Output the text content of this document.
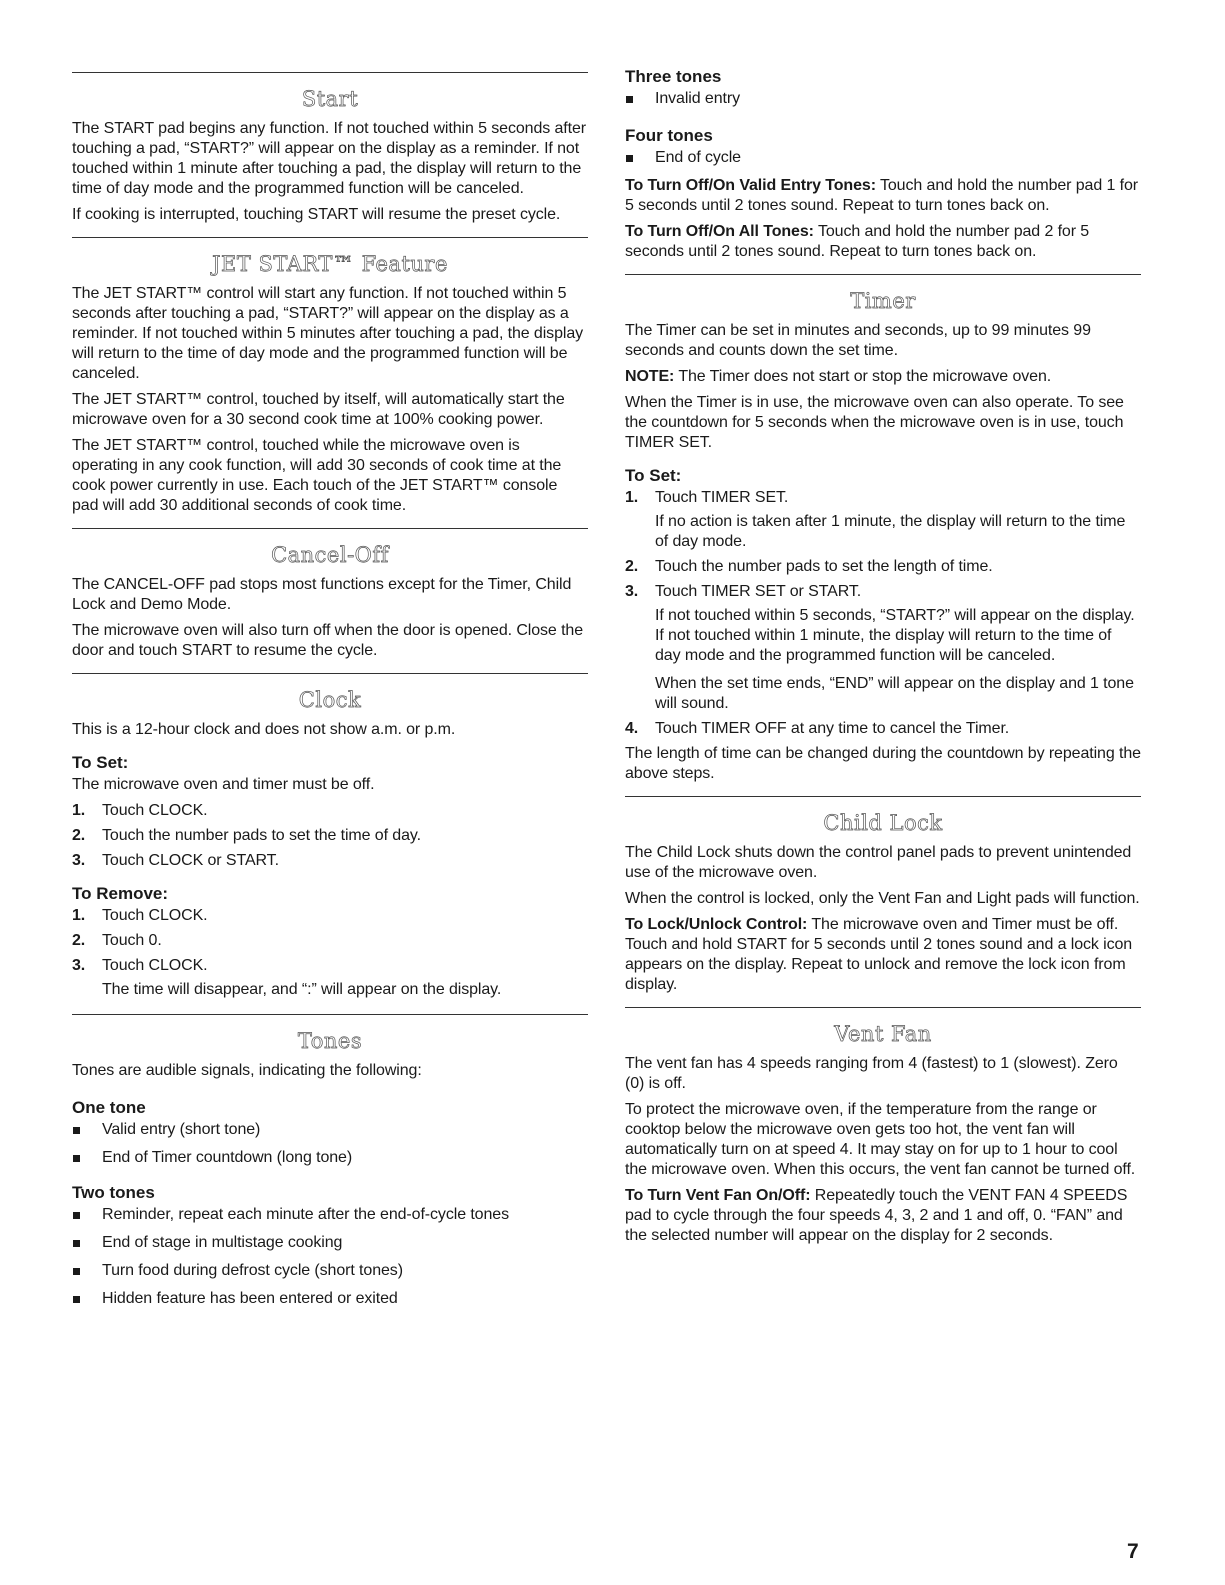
Start

The START pad begins any function. If not touched within 5 seconds after touching a pad, “START?” will appear on the display as a reminder. If not touched within 1 minute after touching a pad, the display will return to the time of day mode and the programmed function will be canceled.

If cooking is interrupted, touching START will resume the preset cycle.

JET START™ Feature

The JET START™ control will start any function. If not touched within 5 seconds after touching a pad, “START?” will appear on the display as a reminder. If not touched within 5 minutes after touching a pad, the display will return to the time of day mode and the programmed function will be canceled.

The JET START™ control, touched by itself, will automatically start the microwave oven for a 30 second cook time at 100% cooking power.

The JET START™ control, touched while the microwave oven is operating in any cook function, will add 30 seconds of cook time at the cook power currently in use. Each touch of the JET START™ console pad will add 30 additional seconds of cook time.

Cancel-Off

The CANCEL-OFF pad stops most functions except for the Timer, Child Lock and Demo Mode.

The microwave oven will also turn off when the door is opened. Close the door and touch START to resume the cycle.

Clock

This is a 12-hour clock and does not show a.m. or p.m.

To Set:

The microwave oven and timer must be off.

1. Touch CLOCK.
2. Touch the number pads to set the time of day.
3. Touch CLOCK or START.
To Remove:
1. Touch CLOCK.
2. Touch 0.
3. Touch CLOCK.
The time will disappear, and “:” will appear on the display.
Tones

Tones are audible signals, indicating the following:

One tone
Valid entry (short tone)
End of Timer countdown (long tone)
Two tones
Reminder, repeat each minute after the end-of-cycle tones
End of stage in multistage cooking
Turn food during defrost cycle (short tones)
Hidden feature has been entered or exited
Three tones
Invalid entry
Four tones
End of cycle

To Turn Off/On Valid Entry Tones: Touch and hold the number pad 1 for 5 seconds until 2 tones sound. Repeat to turn tones back on.

To Turn Off/On All Tones: Touch and hold the number pad 2 for 5 seconds until 2 tones sound. Repeat to turn tones back on.

Timer

The Timer can be set in minutes and seconds, up to 99 minutes 99 seconds and counts down the set time.

NOTE: The Timer does not start or stop the microwave oven.

When the Timer is in use, the microwave oven can also operate. To see the countdown for 5 seconds when the microwave oven is in use, touch TIMER SET.

To Set:
1. Touch TIMER SET.
If no action is taken after 1 minute, the display will return to the time of day mode.
2. Touch the number pads to set the length of time.
3. Touch TIMER SET or START.
If not touched within 5 seconds, “START?” will appear on the display. If not touched within 1 minute, the display will return to the time of day mode and the programmed function will be canceled.
When the set time ends, “END” will appear on the display and 1 tone will sound.
4. Touch TIMER OFF at any time to cancel the Timer.

The length of time can be changed during the countdown by repeating the above steps.

Child Lock

The Child Lock shuts down the control panel pads to prevent unintended use of the microwave oven.

When the control is locked, only the Vent Fan and Light pads will function.

To Lock/Unlock Control: The microwave oven and Timer must be off. Touch and hold START for 5 seconds until 2 tones sound and a lock icon appears on the display. Repeat to unlock and remove the lock icon from display.

Vent Fan

The vent fan has 4 speeds ranging from 4 (fastest) to 1 (slowest). Zero (0) is off.

To protect the microwave oven, if the temperature from the range or cooktop below the microwave oven gets too hot, the vent fan will automatically turn on at speed 4. It may stay on for up to 1 hour to cool the microwave oven. When this occurs, the vent fan cannot be turned off.

To Turn Vent Fan On/Off: Repeatedly touch the VENT FAN 4 SPEEDS pad to cycle through the four speeds 4, 3, 2 and 1 and off, 0. “FAN” and the selected number will appear on the display for 2 seconds.

7
